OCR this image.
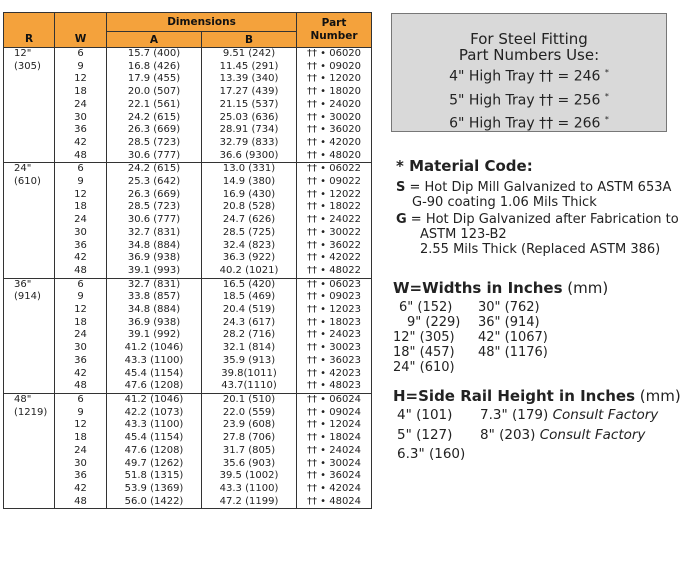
R	W	Dimensions		Part
Number

		A	B	
12"	6	15.7 (400)	9.51 (242)	†† • 06020
(305)	9	16.8 (426)	11.45 (291)	†† • 09020
	12	17.9 (455)	13.39 (340)	†† • 12020
	18	20.0 (507)	17.27 (439)	†† • 18020
	24	22.1 (561)	21.15 (537)	†† • 24020
	30	24.2 (615)	25.03 (636)	†† • 30020
	36	26.3 (669)	28.91 (734)	†† • 36020
	42	28.5 (723)	32.79 (833)	†† • 42020
	48	30.6 (777)	36.6 (9300)	†† • 48020
24"	6	24.2 (615)	13.0 (331)	†† • 06022
(610)	9	25.3 (642)	14.9 (380)	†† • 09022
	12	26.3 (669)	16.9 (430)	†† • 12022
	18	28.5 (723)	20.8 (528)	†† • 18022
	24	30.6 (777)	24.7 (626)	†† • 24022
	30	32.7 (831)	28.5 (725)	†† • 30022
	36	34.8 (884)	32.4 (823)	†† • 36022
	42	36.9 (938)	36.3 (922)	†† • 42022
	48	39.1 (993)	40.2 (1021)	†† • 48022
36"	6	32.7 (831)	16.5 (420)	†† • 06023
(914)	9	33.8 (857)	18.5 (469)	†† • 09023
	12	34.8 (884)	20.4 (519)	†† • 12023
	18	36.9 (938)	24.3 (617)	†† • 18023
	24	39.1 (992)	28.2 (716)	†† • 24023
	30	41.2 (1046)	32.1 (814)	†† • 30023
	36	43.3 (1100)	35.9 (913)	†† • 36023
	42	45.4 (1154)	39.8(1011)	†† • 42023
	48	47.6 (1208)	43.7(1110)	†† • 48023
48"	6	41.2 (1046)	20.1 (510)	†† • 06024
(1219)	9	42.2 (1073)	22.0 (559)	†† • 09024
	12	43.3 (1100)	23.9 (608)	†† • 12024
	18	45.4 (1154)	27.8 (706)	†† • 18024
	24	47.6 (1208)	31.7 (805)	†† • 24024
	30	49.7 (1262)	35.6 (903)	†† • 30024
	36	51.8 (1315)	39.5 (1002)	†† • 36024
	42	53.9 (1369)	43.3 (1100)	†† • 42024
	48	56.0 (1422)	47.2 (1199)	†† • 48024
For Steel Fitting
Part Numbers Use:
4" High Tray †† = 246 *
5" High Tray †† = 256 *
6" High Tray †† = 266 *
* Material Code:
S = Hot Dip Mill Galvanized to ASTM 653A
G-90 coating 1.06 Mils Thick
G = Hot Dip Galvanized after Fabrication to
ASTM 123-B2
2.55 Mils Thick (Replaced ASTM 386)
W=Widths in Inches (mm)
6" (152)	30" (762)
9" (229)	36" (914)
12" (305)	42" (1067)
18" (457)	48" (1176)
24" (610)
H=Side Rail Height in Inches (mm)
4" (101) 7.3" (179) Consult Factory
5" (127) 8" (203) Consult Factory
6.3" (160)
